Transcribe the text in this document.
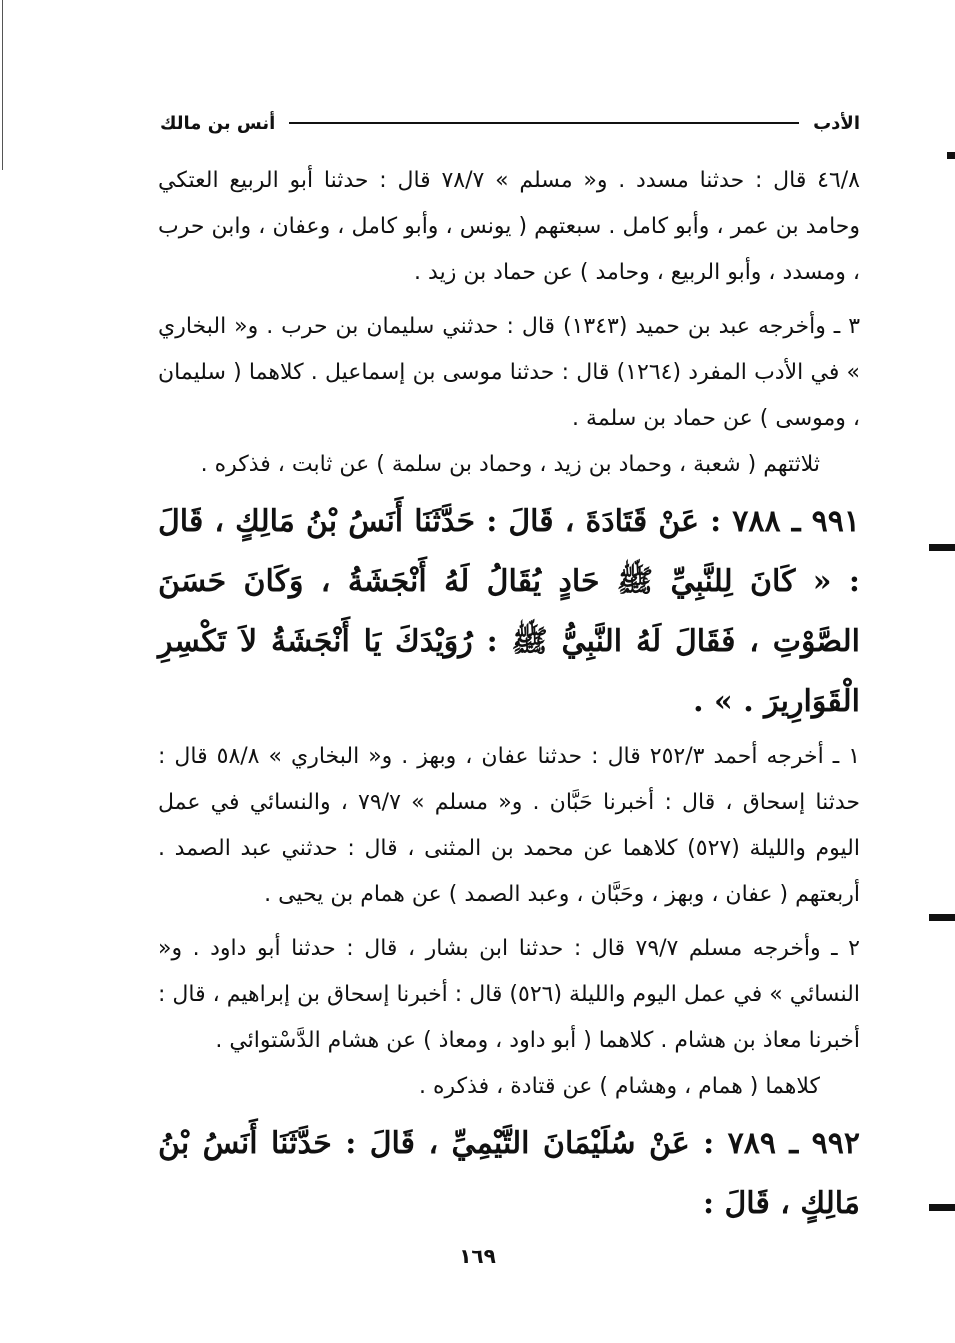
الأدب
أنس بن مالك

٤٦/٨ قال : حدثنا مسدد . و« مسلم » ٧٨/٧ قال : حدثنا أبو الربيع العتكي وحامد بن عمر ، وأبو كامل . سبعتهم ( يونس ، وأبو كامل ، وعفان ، وابن حرب ، ومسدد ، وأبو الربيع ، وحامد ) عن حماد بن زيد .

٣ ـ وأخرجه عبد بن حميد (١٣٤٣) قال : حدثني سليمان بن حرب . و« البخاري » في الأدب المفرد (١٢٦٤) قال : حدثنا موسى بن إسماعيل . كلاهما ( سليمان ، وموسى ) عن حماد بن سلمة .

ثلاثتهم ( شعبة ، وحماد بن زيد ، وحماد بن سلمة ) عن ثابت ، فذكره .

٩٩١ ـ ٧٨٨ : عَنْ قَتَادَةَ ، قَالَ : حَدَّثَنَا أَنَسُ بْنُ مَالِكٍ ، قَالَ : « كَانَ لِلنَّبِيِّ ﷺ حَادٍ يُقَالُ لَهُ أَنْجَشَةُ ، وَكَانَ حَسَنَ الصَّوْتِ ، فَقَالَ لَهُ النَّبِيُّ ﷺ : رُوَيْدَكَ يَا أَنْجَشَةُ لاَ تَكْسِرِ الْقَوَارِيرَ . » .

١ ـ أخرجه أحمد ٢٥٢/٣ قال : حدثنا عفان ، وبهز . و« البخاري » ٥٨/٨ قال : حدثنا إسحاق ، قال : أخبرنا حَبَّان . و« مسلم » ٧٩/٧ ، والنسائي في عمل اليوم والليلة (٥٢٧) كلاهما عن محمد بن المثنى ، قال : حدثني عبد الصمد . أربعتهم ( عفان ، وبهز ، وحَبَّان ، وعبد الصمد ) عن همام بن يحيى .

٢ ـ وأخرجه مسلم ٧٩/٧ قال : حدثنا ابن بشار ، قال : حدثنا أبو داود . و« النسائي » في عمل اليوم والليلة (٥٢٦) قال : أخبرنا إسحاق بن إبراهيم ، قال : أخبرنا معاذ بن هشام . كلاهما ( أبو داود ، ومعاذ ) عن هشام الدَّسْتوائي .

كلاهما ( همام ، وهشام ) عن قتادة ، فذكره .

٩٩٢ ـ ٧٨٩ : عَنْ سُلَيْمَانَ التَّيْمِيِّ ، قَالَ : حَدَّثَنَا أَنَسُ بْنُ مَالِكٍ ، قَالَ :

١٦٩
